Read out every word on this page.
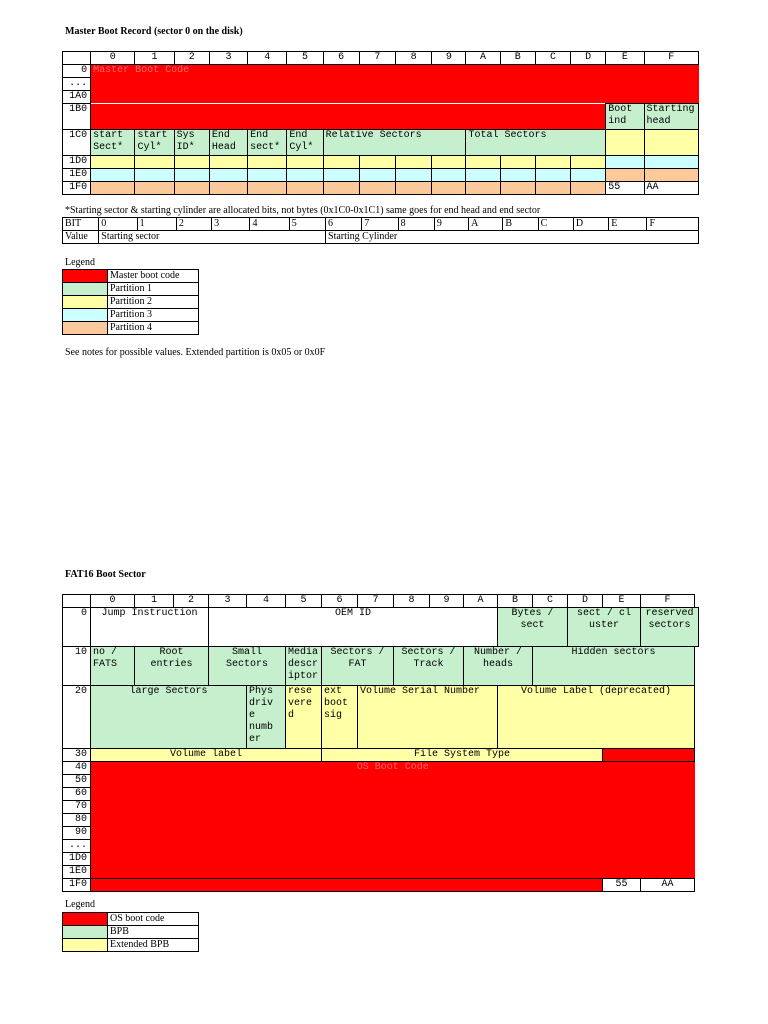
Master Boot Record (sector 0 on the disk)
	0	1	2	3	4	5	6	7	8	9	A	B	C	D	E	F
0	Master Boot Code															
...																
1A0																
1B0															Boot ind	Starting head
1C0	start Sect*	start Cyl*	Sys ID*	End Head	End sect*	End Cyl*	Relative Sectors				Total Sectors					
1D0																
1E0																
1F0															55	AA
*Starting sector & starting cylinder are allocated bits, not bytes (0x1C0-0x1C1) same goes for end head and end sector
BIT	0	1	2	3	4	5	6	7	8	9	A	B	C	D	E	F
Value	Starting sector						Starting Cylinder									
Legend
	Master boot code
	Partition 1
	Partition 2
	Partition 3
	Partition 4
See notes for possible values. Extended partition is 0x05 or 0x0F
FAT16 Boot Sector
	0	1	2	3	4	5	6	7	8	9	A	B	C	D	E	F
0	Jump Instruction			OEM ID								Bytes / sect		sect / cl uster		reserved sectors
10	no / FATS	Root entries		Small Sectors		Media descr iptor	Sectors / FAT		Sectors / Track		Number / heads		Hidden sectors			
20	large Sectors				Phys driv e numb er	rese vere d	ext boot sig	Volume Serial Number				Volume Label (deprecated)				
30	Volume label						File System Type									
40	OS Boot Code															
50																
60																
70																
80																
90																
...																
1D0																
1E0																
1F0															55	AA
Legend
	OS boot code
	BPB
	Extended BPB
